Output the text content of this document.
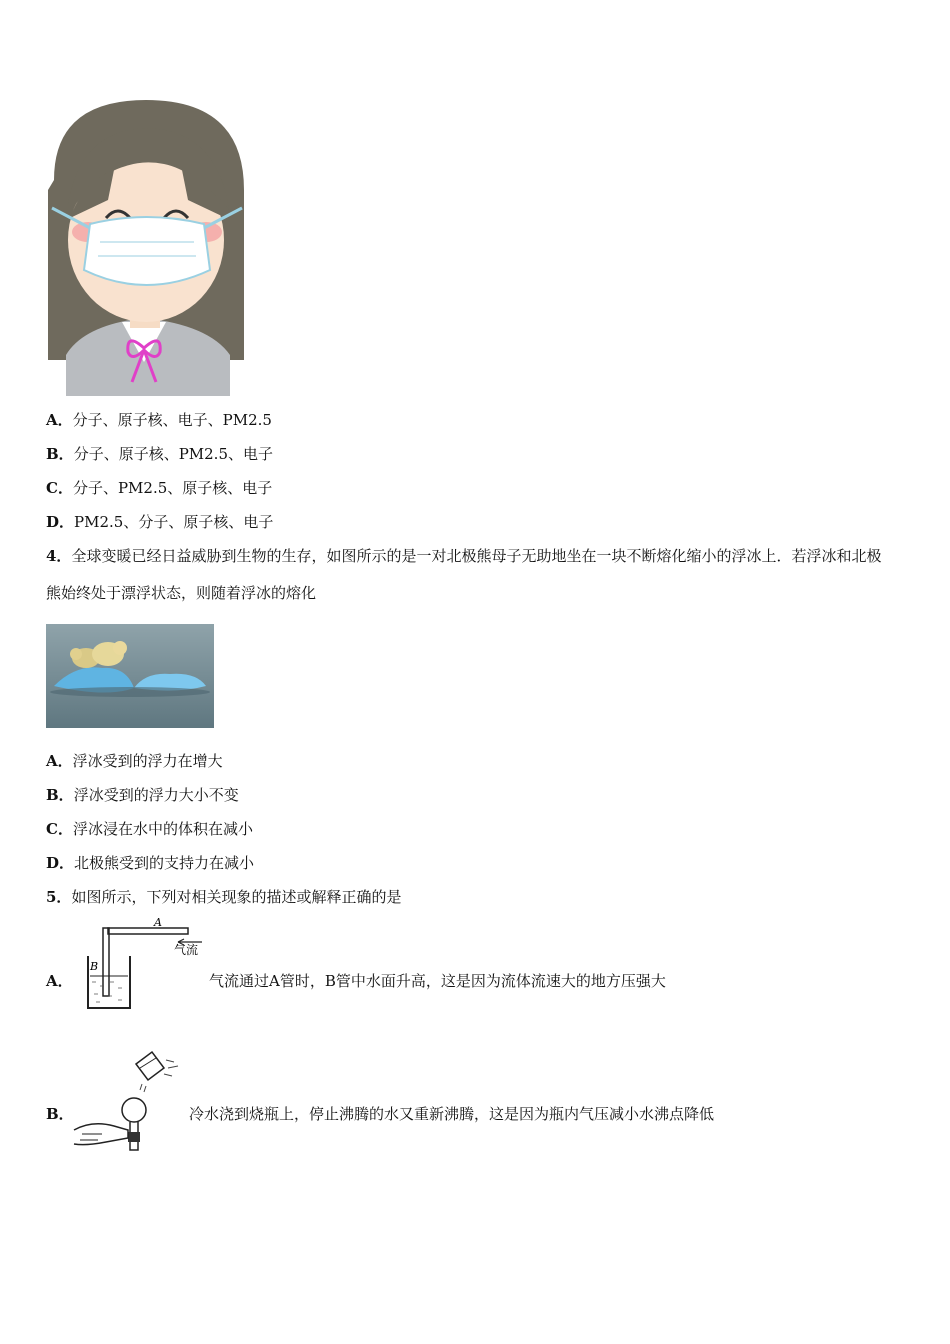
A．分子、原子核、电子、PM2.5
B．分子、原子核、PM2.5、电子
C．分子、PM2.5、原子核、电子
D．PM2.5、分子、原子核、电子
4．全球变暖已经日益威胁到生物的生存，如图所示的是一对北极熊母子无助地坐在一块不断熔化缩小的浮冰上．若浮冰和北极熊始终处于漂浮状态，则随着浮冰的熔化
A．浮冰受到的浮力在增大
B．浮冰受到的浮力大小不变
C．浮冰浸在水中的体积在减小
D．北极熊受到的支持力在减小
5．如图所示，下列对相关现象的描述或解释正确的是
A．
A
B
气流
气流通过A管时，B管中水面升高，这是因为流体流速大的地方压强大
B．	冷水浇到烧瓶上，停止沸腾的水又重新沸腾，这是因为瓶内气压减小水沸点降低
